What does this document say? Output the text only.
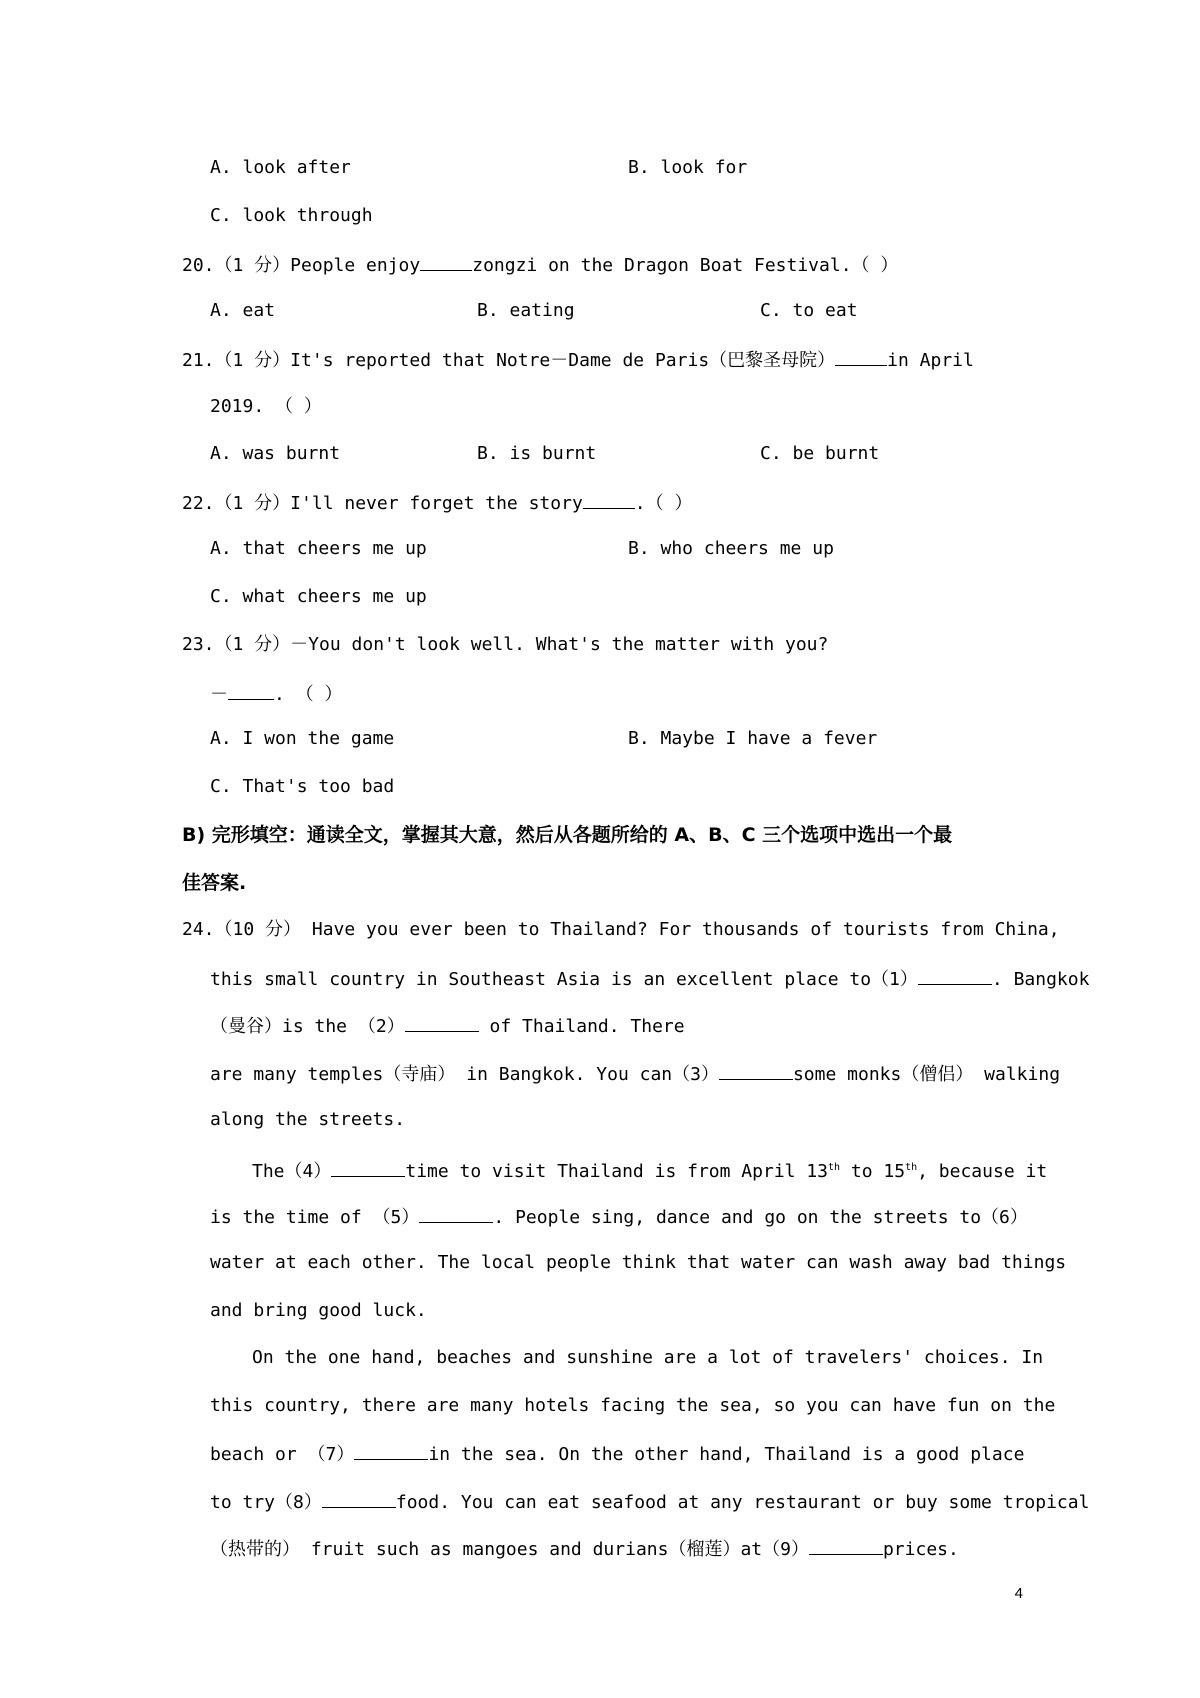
A. look after	B. look for
C. look through
20.（1 分）People enjoy	zongzi on the Dragon Boat Festival.（ ）
A. eat	B. eating	C. to eat
21.（1 分）It's reported that Notre－Dame de Paris（巴黎圣母院）	in April
2019. （ ）
A. was burnt	B. is burnt	C. be burnt
22.（1 分）I'll never forget the story	.（ ）
A. that cheers me up	B. who cheers me up
C. what cheers me up
23.（1 分）－You don't look well. What's the matter with you?
－	. （ ）
A. I won the game	B. Maybe I have a fever
C. That's too bad
B) 完形填空：通读全文，掌握其大意，然后从各题所给的 A、B、C 三个选项中选出一个最
佳答案.
24.（10 分） Have you ever been to Thailand? For thousands of tourists from China,
this small country in Southeast Asia is an excellent place to（1）	. Bangkok
（曼谷）is the （2）	of Thailand. There
are many temples（寺庙） in Bangkok. You can（3）	some monks（僧侣） walking
along the streets.
The（4）	time to visit Thailand is from April 13th to 15th, because it
is the time of （5）	. People sing, dance and go on the streets to（6）
water at each other. The local people think that water can wash away bad things
and bring good luck.
On the one hand, beaches and sunshine are a lot of travelers' choices. In
this country, there are many hotels facing the sea, so you can have fun on the
beach or （7）	in the sea. On the other hand, Thailand is a good place
to try（8）	food. You can eat seafood at any restaurant or buy some tropical
（热带的） fruit such as mangoes and durians（榴莲）at（9）	prices.
4
